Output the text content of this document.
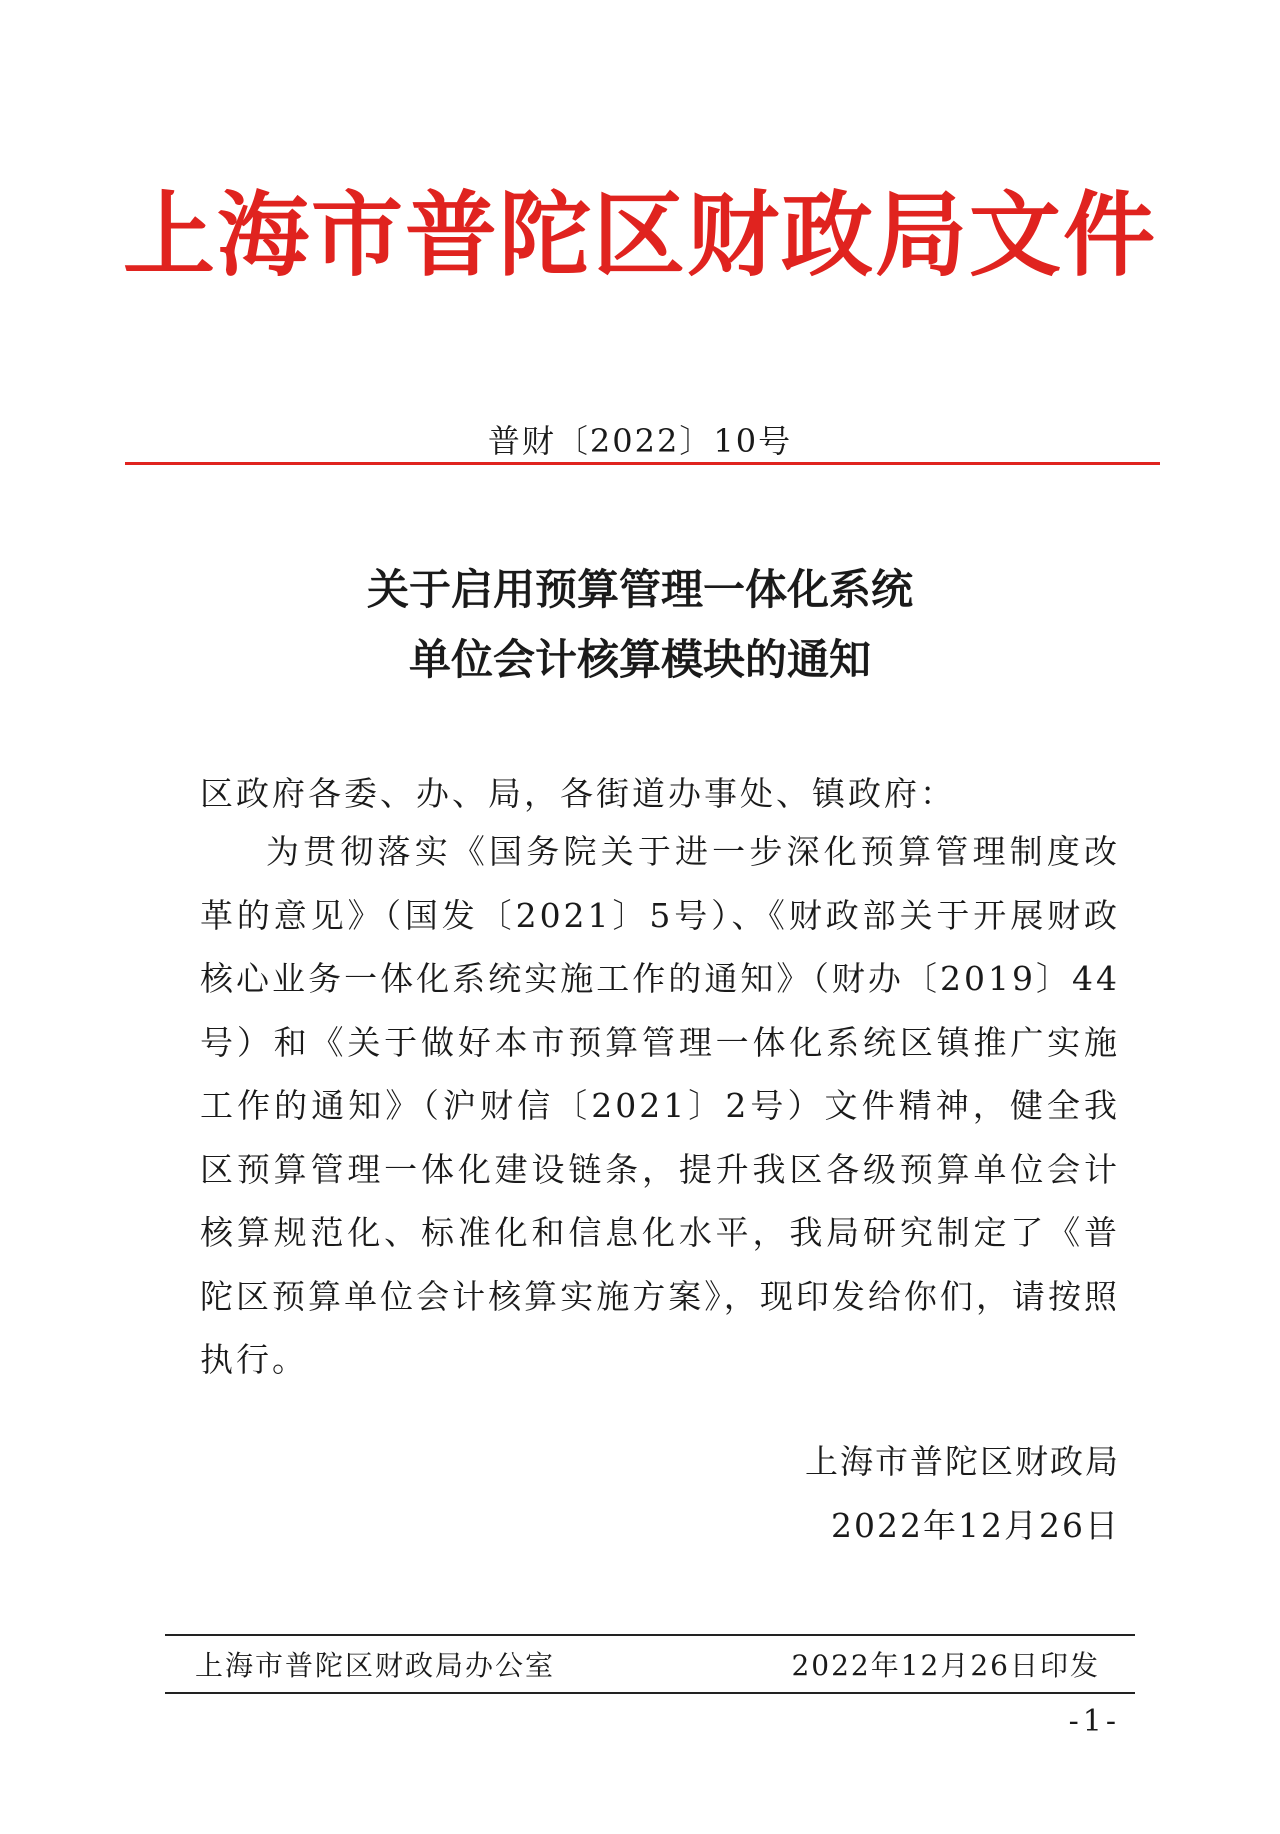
上海市普陀区财政局文件
普财〔2022〕10号
关于启用预算管理一体化系统
单位会计核算模块的通知
区政府各委、办、局，各街道办事处、镇政府：

为贯彻落实《国务院关于进一步深化预算管理制度改革的意见》（国发〔2021〕5号）、《财政部关于开展财政核心业务一体化系统实施工作的通知》（财办〔2019〕44号）和《关于做好本市预算管理一体化系统区镇推广实施工作的通知》（沪财信〔2021〕2号）文件精神，健全我区预算管理一体化建设链条，提升我区各级预算单位会计核算规范化、标准化和信息化水平，我局研究制定了《普陀区预算单位会计核算实施方案》，现印发给你们，请按照执行。

上海市普陀区财政局
2022年12月26日
上海市普陀区财政局办公室	2022年12月26日印发
-1-
